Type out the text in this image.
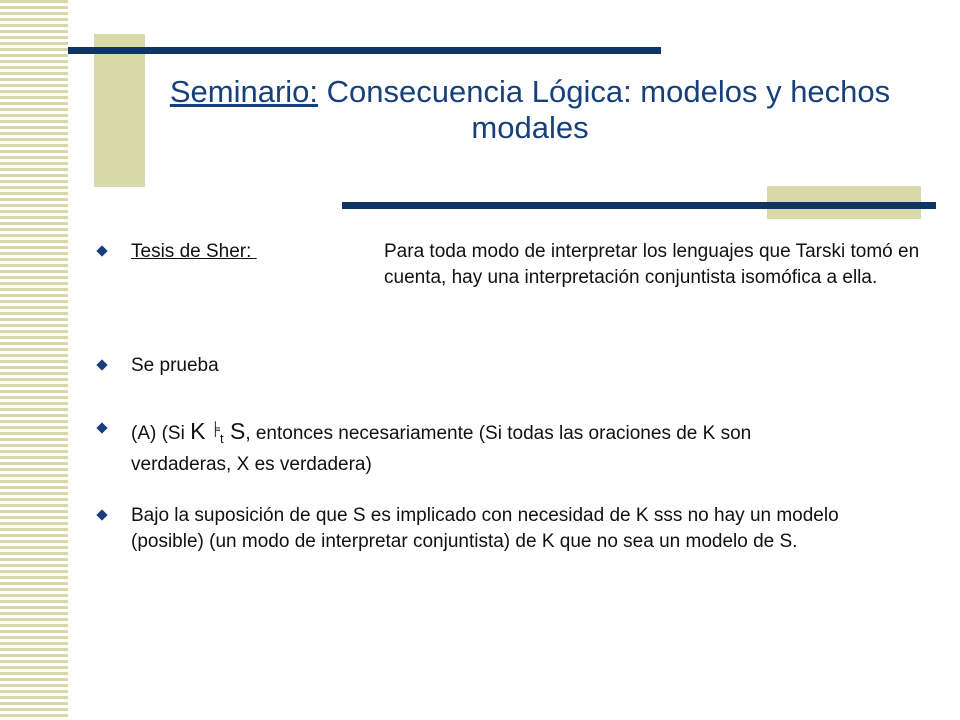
Seminario: Consecuencia Lógica: modelos y hechos modales
Tesis de Sher:	Para toda modo de interpretar los lenguajes que Tarski tomó en cuenta, hay una interpretación conjuntista isomófica a ella.
Se prueba
(A) (Si K ╞$_t$ S, entonces necesariamente (Si todas las oraciones de K son verdaderas, X es verdadera)
Bajo la suposición de que S es implicado con necesidad de K sss no hay un modelo (posible) (un modo de interpretar conjuntista) de K que no sea un modelo de S.
